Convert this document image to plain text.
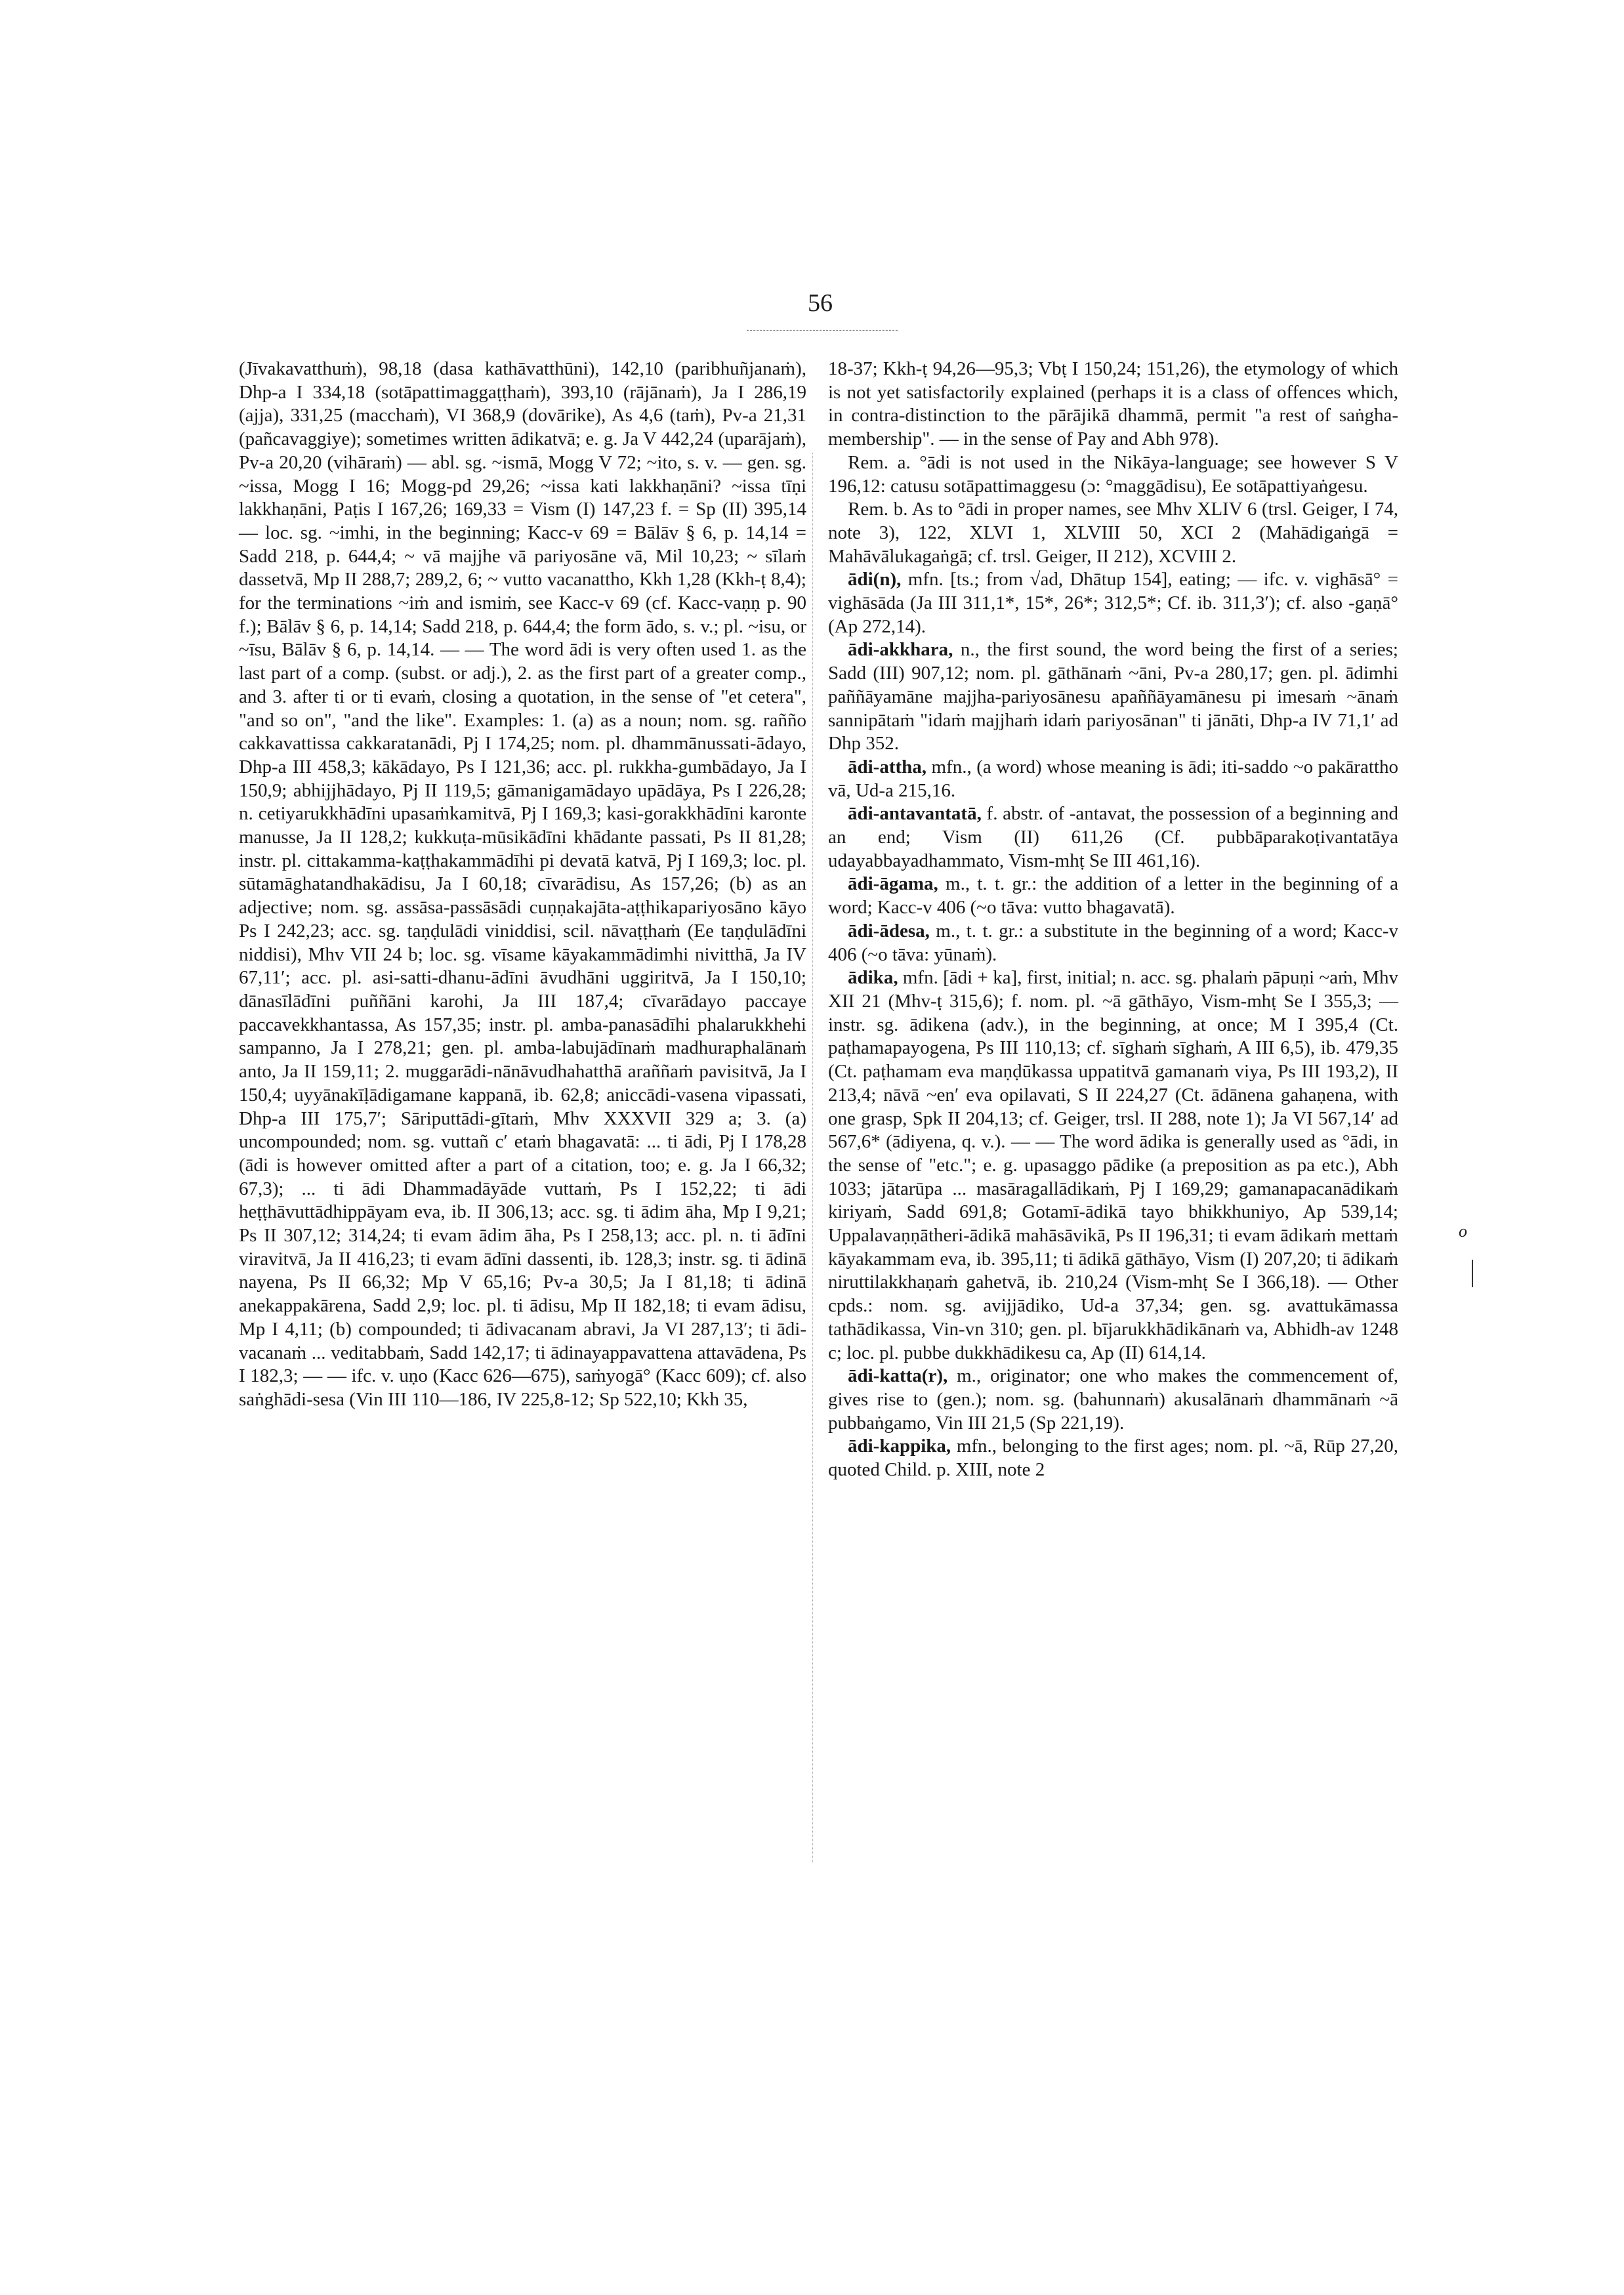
56

(Jīvakavatthuṁ), 98,18 (dasa kathāvatthūni), 142,10 (paribhuñjanaṁ), Dhp-a I 334,18 (sotāpattimaggaṭṭhaṁ), 393,10 (rājānaṁ), Ja I 286,19 (ajja), 331,25 (macchaṁ), VI 368,9 (dovārike), As 4,6 (taṁ), Pv-a 21,31 (pañcavaggiye); sometimes written ādikatvā; e. g. Ja V 442,24 (uparājaṁ), Pv-a 20,20 (vihāraṁ) — abl. sg. ~ismā, Mogg V 72; ~ito, s. v. — gen. sg. ~issa, Mogg I 16; Mogg-pd 29,26; ~issa kati lakkhaṇāni? ~issa tīṇi lakkhaṇāni, Paṭis I 167,26; 169,33 = Vism (I) 147,23 f. = Sp (II) 395,14 — loc. sg. ~imhi, in the beginning; Kacc-v 69 = Bālāv § 6, p. 14,14 = Sadd 218, p. 644,4; ~ vā majjhe vā pariyosāne vā, Mil 10,23; ~ sīlaṁ dassetvā, Mp II 288,7; 289,2, 6; ~ vutto vacanattho, Kkh 1,28 (Kkh-ṭ 8,4); for the terminations ~iṁ and ismiṁ, see Kacc-v 69 (cf. Kacc-vaṇṇ p. 90 f.); Bālāv § 6, p. 14,14; Sadd 218, p. 644,4; the form ādo, s. v.; pl. ~isu, or ~īsu, Bālāv § 6, p. 14,14. — — The word ādi is very often used 1. as the last part of a comp. (subst. or adj.), 2. as the first part of a greater comp., and 3. after ti or ti evaṁ, closing a quotation, in the sense of "et cetera", "and so on", "and the like". Examples: 1. (a) as a noun; nom. sg. rañño cakkavattissa cakkaratanādi, Pj I 174,25; nom. pl. dhammānussati-ādayo, Dhp-a III 458,3; kākādayo, Ps I 121,36; acc. pl. rukkha-gumbādayo, Ja I 150,9; abhijjhādayo, Pj II 119,5; gāmanigamādayo upādāya, Ps I 226,28; n. cetiyarukkhādīni upasaṁkamitvā, Pj I 169,3; kasi-gorakkhādīni karonte manusse, Ja II 128,2; kukkuṭa-mūsikādīni khādante passati, Ps II 81,28; instr. pl. cittakamma-kaṭṭhakammādīhi pi devatā katvā, Pj I 169,3; loc. pl. sūtamāghatandhakādisu, Ja I 60,18; cīvarādisu, As 157,26; (b) as an adjective; nom. sg. assāsa-passāsādi cuṇṇakajāta-aṭṭhikapariyosāno kāyo Ps I 242,23; acc. sg. taṇḍulādi viniddisi, scil. nāvaṭṭhaṁ (Ee taṇḍulādīni niddisi), Mhv VII 24 b; loc. sg. vīsame kāyakammādimhi nivitthā, Ja IV 67,11′; acc. pl. asi-satti-dhanu-ādīni āvudhāni uggiritvā, Ja I 150,10; dānasīlādīni puññāni karohi, Ja III 187,4; cīvarādayo paccaye paccavekkhantassa, As 157,35; instr. pl. amba-panasādīhi phalarukkhehi sampanno, Ja I 278,21; gen. pl. amba-labujādīnaṁ madhuraphalānaṁ anto, Ja II 159,11; 2. muggarādi-nānāvudhahatthā araññaṁ pavisitvā, Ja I 150,4; uyyānakīḷādigamane kappanā, ib. 62,8; aniccādi-vasena vipassati, Dhp-a III 175,7′; Sāriputtādi-gītaṁ, Mhv XXXVII 329 a; 3. (a) uncompounded; nom. sg. vuttañ c′ etaṁ bhagavatā: ... ti ādi, Pj I 178,28 (ādi is however omitted after a part of a citation, too; e. g. Ja I 66,32; 67,3); ... ti ādi Dhammadāyāde vuttaṁ, Ps I 152,22; ti ādi heṭṭhāvuttādhippāyam eva, ib. II 306,13; acc. sg. ti ādim āha, Mp I 9,21; Ps II 307,12; 314,24; ti evam ādim āha, Ps I 258,13; acc. pl. n. ti ādīni viravitvā, Ja II 416,23; ti evam ādīni dassenti, ib. 128,3; instr. sg. ti ādinā nayena, Ps II 66,32; Mp V 65,16; Pv-a 30,5; Ja I 81,18; ti ādinā anekappakārena, Sadd 2,9; loc. pl. ti ādisu, Mp II 182,18; ti evam ādisu, Mp I 4,11; (b) compounded; ti ādivacanam abravi, Ja VI 287,13′; ti ādi-vacanaṁ ... veditabbaṁ, Sadd 142,17; ti ādinayappavattena attavādena, Ps I 182,3; — — ifc. v. uṇo (Kacc 626—675), saṁyogā° (Kacc 609); cf. also saṅghādi-sesa (Vin III 110—186, IV 225,8-12; Sp 522,10; Kkh 35,

18-37; Kkh-ṭ 94,26—95,3; Vbṭ I 150,24; 151,26), the etymology of which is not yet satisfactorily explained (perhaps it is a class of offences which, in contra-distinction to the pārājikā dhammā, permit "a rest of saṅgha-membership". — in the sense of Pay and Abh 978).

Rem. a. °ādi is not used in the Nikāya-language; see however S V 196,12: catusu sotāpattimaggesu (ɔ: °maggādisu), Ee sotāpattiyaṅgesu.

Rem. b. As to °ādi in proper names, see Mhv XLIV 6 (trsl. Geiger, I 74, note 3), 122, XLVI 1, XLVIII 50, XCI 2 (Mahādigaṅgā = Mahāvālukagaṅgā; cf. trsl. Geiger, II 212), XCVIII 2.

ādi(n), mfn. [ts.; from √ad, Dhātup 154], eating; — ifc. v. vighāsā° = vighāsāda (Ja III 311,1*, 15*, 26*; 312,5*; Cf. ib. 311,3′); cf. also -gaṇā° (Ap 272,14).

ādi-akkhara, n., the first sound, the word being the first of a series; Sadd (III) 907,12; nom. pl. gāthānaṁ ~āni, Pv-a 280,17; gen. pl. ādimhi paññāyamāne majjha-pariyosānesu apaññāyamānesu pi imesaṁ ~ānaṁ sannipātaṁ "idaṁ majjhaṁ idaṁ pariyosānan" ti jānāti, Dhp-a IV 71,1′ ad Dhp 352.

ādi-attha, mfn., (a word) whose meaning is ādi; iti-saddo ~o pakārattho vā, Ud-a 215,16.

ādi-antavantatā, f. abstr. of -antavat, the possession of a beginning and an end; Vism (II) 611,26 (Cf. pubbāparakoṭivantatāya udayabbayadhammato, Vism-mhṭ Se III 461,16).

ādi-āgama, m., t. t. gr.: the addition of a letter in the beginning of a word; Kacc-v 406 (~o tāva: vutto bhagavatā).

ādi-ādesa, m., t. t. gr.: a substitute in the beginning of a word; Kacc-v 406 (~o tāva: yūnaṁ).

ādika, mfn. [ādi + ka], first, initial; n. acc. sg. phalaṁ pāpuṇi ~aṁ, Mhv XII 21 (Mhv-ṭ 315,6); f. nom. pl. ~ā gāthāyo, Vism-mhṭ Se I 355,3; — instr. sg. ādikena (adv.), in the beginning, at once; M I 395,4 (Ct. paṭhamapayogena, Ps III 110,13; cf. sīghaṁ sīghaṁ, A III 6,5), ib. 479,35 (Ct. paṭhamam eva maṇḍūkassa uppatitvā gamanaṁ viya, Ps III 193,2), II 213,4; nāvā ~en′ eva opilavati, S II 224,27 (Ct. ādānena gahaṇena, with one grasp, Spk II 204,13; cf. Geiger, trsl. II 288, note 1); Ja VI 567,14′ ad 567,6* (ādiyena, q. v.). — — The word ādika is generally used as °ādi, in the sense of "etc."; e. g. upasaggo pādike (a preposition as pa etc.), Abh 1033; jātarūpa ... masāragallādikaṁ, Pj I 169,29; gamanapacanādikaṁ kiriyaṁ, Sadd 691,8; Gotamī-ādikā tayo bhikkhuniyo, Ap 539,14; Uppalavaṇṇātheri-ādikā mahāsāvikā, Ps II 196,31; ti evam ādikaṁ mettaṁ kāyakammam eva, ib. 395,11; ti ādikā gāthāyo, Vism (I) 207,20; ti ādikaṁ niruttilakkhaṇaṁ gahetvā, ib. 210,24 (Vism-mhṭ Se I 366,18). — Other cpds.: nom. sg. avijjādiko, Ud-a 37,34; gen. sg. avattukāmassa tathādikassa, Vin-vn 310; gen. pl. bījarukkhādikānaṁ va, Abhidh-av 1248 c; loc. pl. pubbe dukkhādikesu ca, Ap (II) 614,14.

ādi-katta(r), m., originator; one who makes the commencement of, gives rise to (gen.); nom. sg. (bahunnaṁ) akusalānaṁ dhammānaṁ ~ā pubbaṅgamo, Vin III 21,5 (Sp 221,19).

ādi-kappika, mfn., belonging to the first ages; nom. pl. ~ā, Rūp 27,20, quoted Child. p. XIII, note 2

o
